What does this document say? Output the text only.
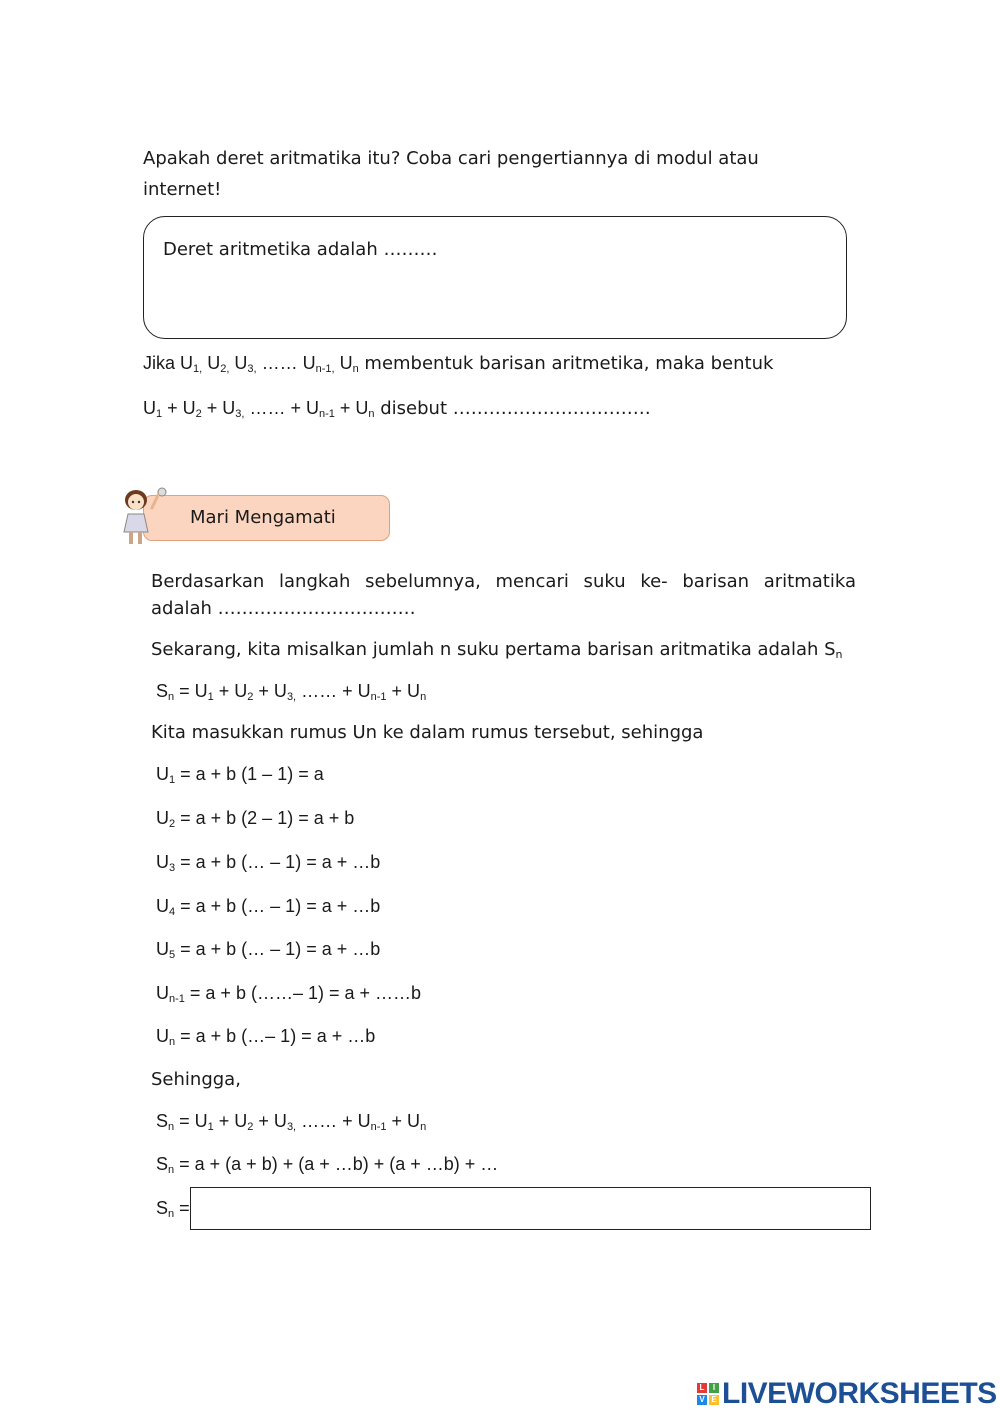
Apakah deret aritmatika itu? Coba cari pengertiannya di modul atau
internet!
Deret aritmetika adalah ………
Jika $U_{1,}$ $U_{2,}$ $U_{3,}$ …… $U_{n-1,}$ $U_n$ membentuk barisan aritmetika, maka bentuk
$U_1 + U_2 + U_{3,}$ …… + $U_{n-1} + U_n$ disebut ……………………………
Mari Mengamati
Berdasarkan langkah sebelumnya, mencari suku ke- barisan aritmatika
adalah ……………………………
Sekarang, kita misalkan jumlah n suku pertama barisan aritmatika adalah $S_n$
$S_n = U_1 + U_2 + U_{3,}$ …… + $U_{n-1} + U_n$
Kita masukkan rumus Un ke dalam rumus tersebut, sehingga
$U_1 = a + b$ (1 – 1) = a
$U_2 = a + b$ (2 – 1) = a + b
$U_3 = a + b$ (… – 1) = a + …b
$U_4 = a + b$ (… – 1) = a + …b
$U_5 = a + b$ (… – 1) = a + …b
$U_{n-1} = a + b$ (……– 1) = a + ……b
$U_n = a + b$ (…– 1) = a + …b
Sehingga,
$S_n = U_1 + U_2 + U_{3,}$ …… + $U_{n-1} + U_n$
$S_n = a + (a + b) + (a$ + …b) + (a + …b) + …
$S_n$ =
L	I
V E LIVEWORKSHEETS
